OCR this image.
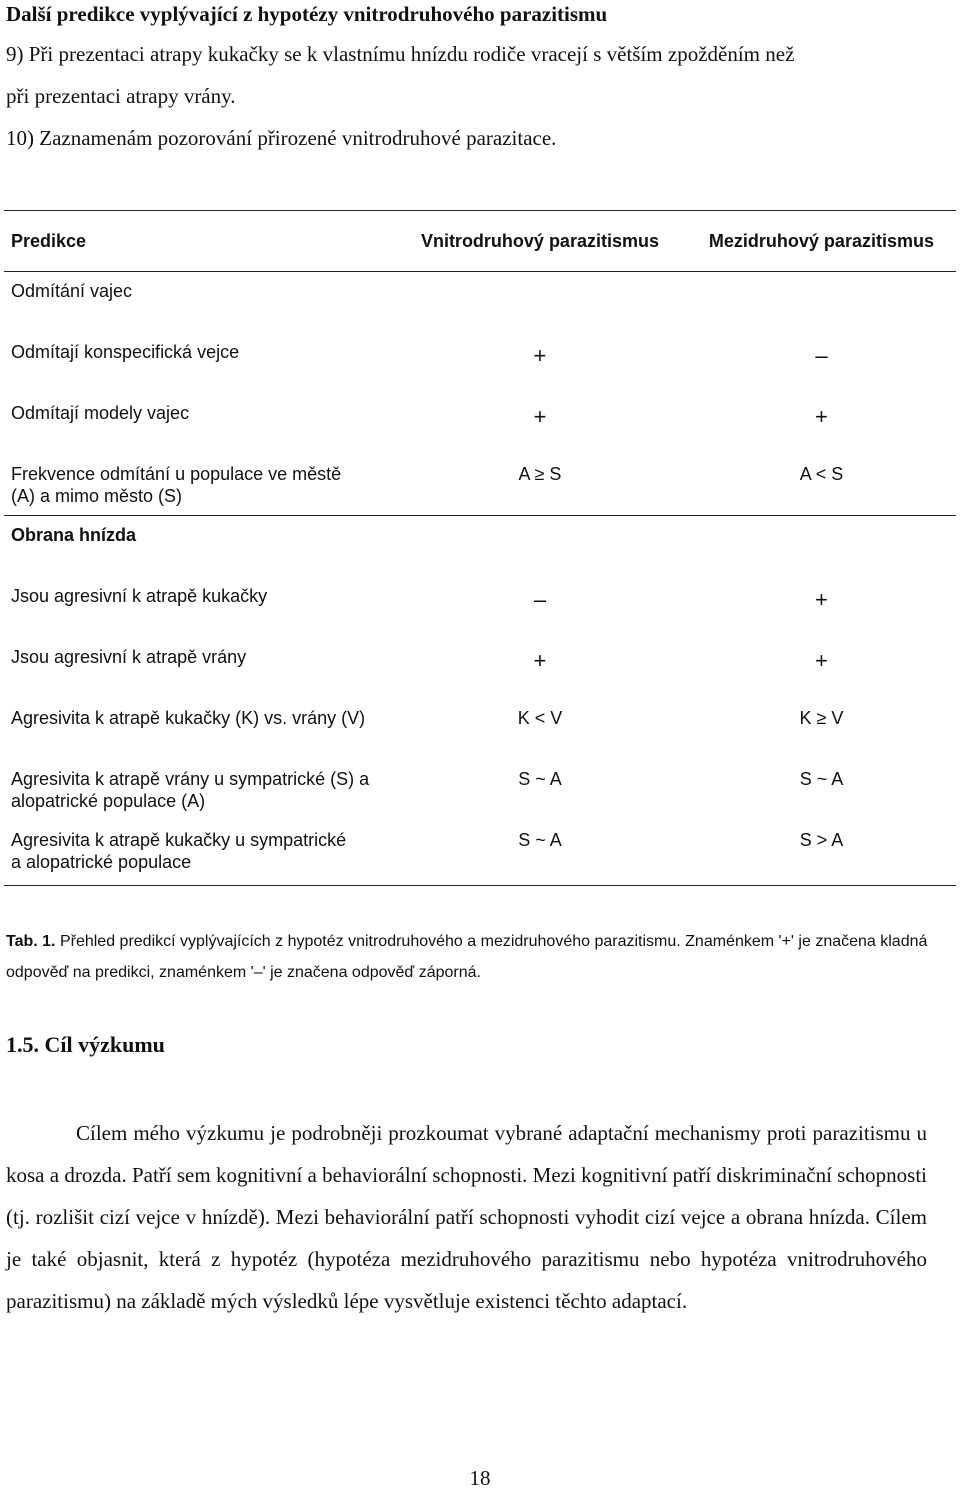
Další predikce vyplývající z hypotézy vnitrodruhového parazitismu
9) Při prezentaci atrapy kukačky se k vlastnímu hnízdu rodiče vracejí s větším zpožděním než
při prezentaci atrapy vrány.
10) Zaznamenám pozorování přirozené vnitrodruhové parazitace.
Predikce	Vnitrodruhový parazitismus	Mezidruhový parazitismus

Odmítání vajec		

Odmítají konspecifická vejce	+	–

Odmítají modely vajec	+	+

Frekvence odmítání u populace ve městě (A) a mimo město (S)	A ≥ S	A < S

Obrana hnízda		

Jsou agresivní k atrapě kukačky	–	+

Jsou agresivní k atrapě vrány	+	+

Agresivita k atrapě kukačky (K) vs. vrány (V)	K < V	K ≥ V

Agresivita k atrapě vrány u sympatrické (S) a alopatrické populace (A)	S ~ A	S ~ A

Agresivita k atrapě kukačky u sympatrické a alopatrické populace	S ~ A	S > A
Tab. 1. Přehled predikcí vyplývajících z hypotéz vnitrodruhového a mezidruhového parazitismu. Znaménkem '+' je značena kladná odpověď na predikci, znaménkem '–' je značena odpověď záporná.
1.5. Cíl výzkumu
Cílem mého výzkumu je podrobněji prozkoumat vybrané adaptační mechanismy proti parazitismu u kosa a drozda. Patří sem kognitivní a behaviorální schopnosti. Mezi kognitivní patří diskriminační schopnosti (tj. rozlišit cizí vejce v hnízdě). Mezi behaviorální patří schopnosti vyhodit cizí vejce a obrana hnízda. Cílem je také objasnit, která z hypotéz (hypotéza mezidruhového parazitismu nebo hypotéza vnitrodruhového parazitismu) na základě mých výsledků lépe vysvětluje existenci těchto adaptací.
18
